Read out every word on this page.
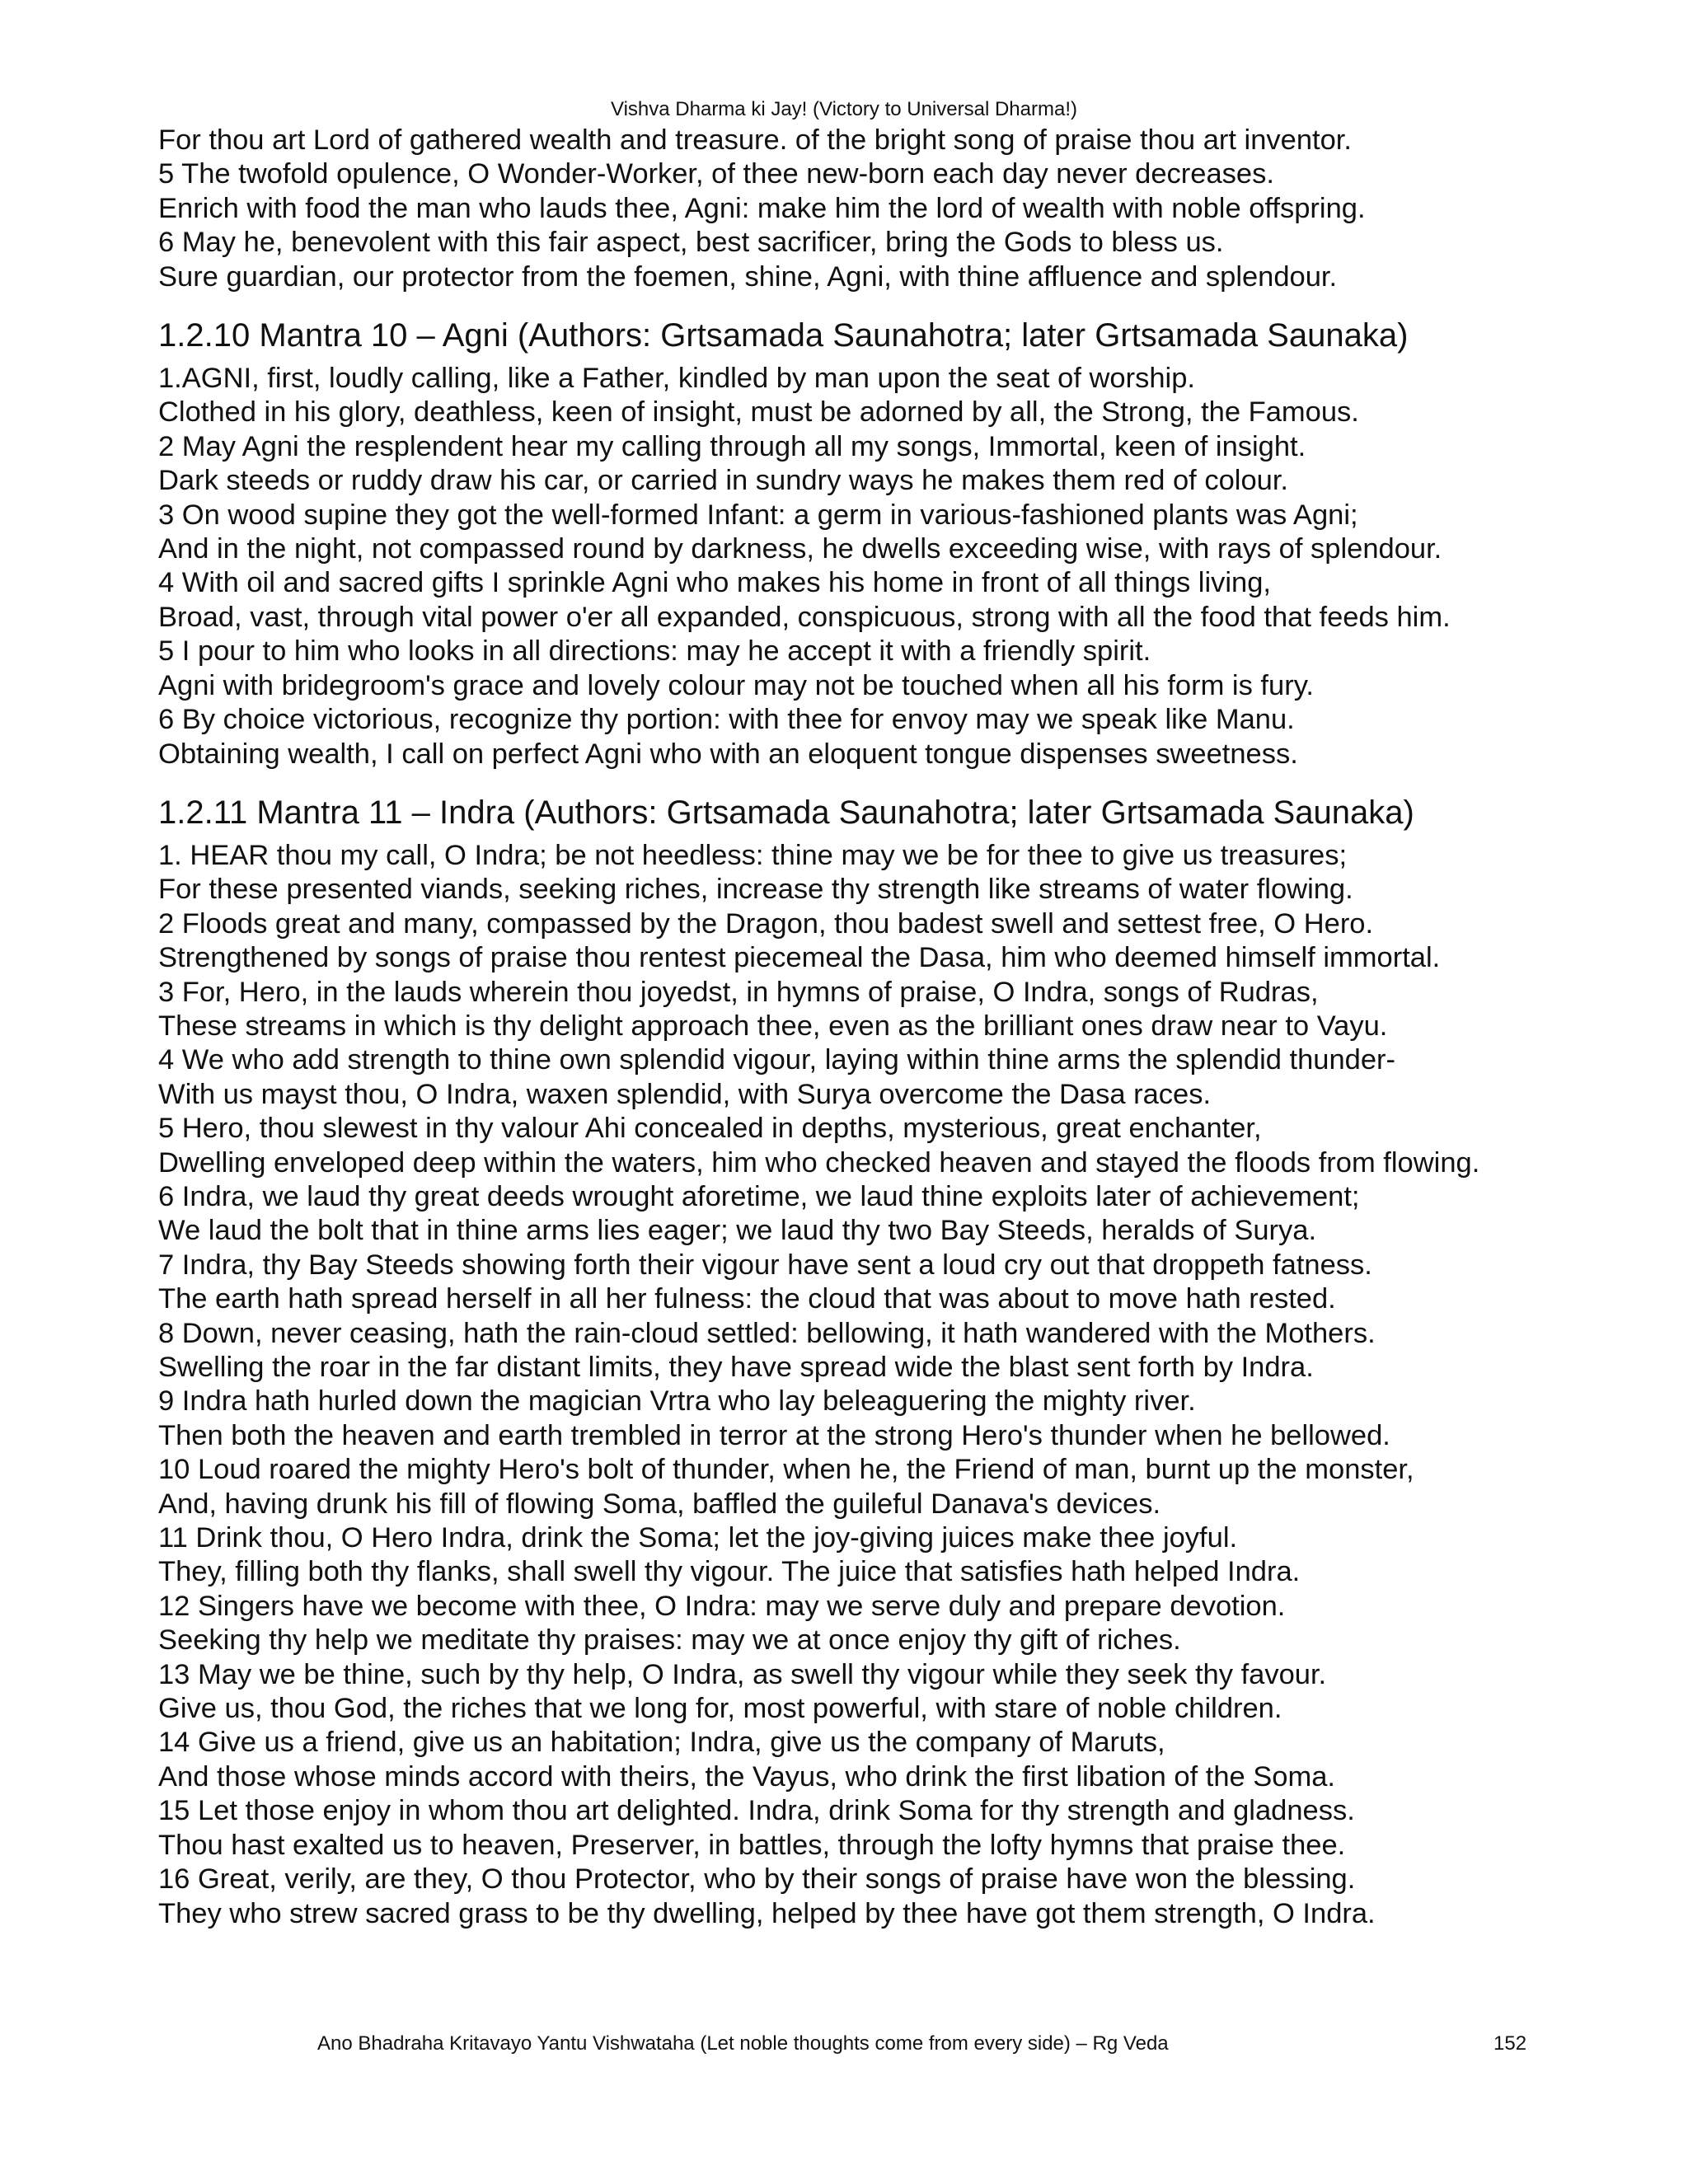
Vishva Dharma ki Jay! (Victory to Universal Dharma!)
For thou art Lord of gathered wealth and treasure. of the bright song of praise thou art inventor.
5 The twofold opulence, O Wonder-Worker, of thee new-born each day never decreases.
Enrich with food the man who lauds thee, Agni: make him the lord of wealth with noble offspring.
6 May he, benevolent with this fair aspect, best sacrificer, bring the Gods to bless us.
Sure guardian, our protector from the foemen, shine, Agni, with thine affluence and splendour.
1.2.10 Mantra 10 – Agni (Authors: Grtsamada Saunahotra; later Grtsamada Saunaka)
1.AGNI, first, loudly calling, like a Father, kindled by man upon the seat of worship.
Clothed in his glory, deathless, keen of insight, must be adorned by all, the Strong, the Famous.
2 May Agni the resplendent hear my calling through all my songs, Immortal, keen of insight.
Dark steeds or ruddy draw his car, or carried in sundry ways he makes them red of colour.
3 On wood supine they got the well-formed Infant: a germ in various-fashioned plants was Agni;
And in the night, not compassed round by darkness, he dwells exceeding wise, with rays of splendour.
4 With oil and sacred gifts I sprinkle Agni who makes his home in front of all things living,
Broad, vast, through vital power o'er all expanded, conspicuous, strong with all the food that feeds him.
5 I pour to him who looks in all directions: may he accept it with a friendly spirit.
Agni with bridegroom's grace and lovely colour may not be touched when all his form is fury.
6 By choice victorious, recognize thy portion: with thee for envoy may we speak like Manu.
Obtaining wealth, I call on perfect Agni who with an eloquent tongue dispenses sweetness.
1.2.11 Mantra 11 – Indra (Authors: Grtsamada Saunahotra; later Grtsamada Saunaka)
1. HEAR thou my call, O Indra; be not heedless: thine may we be for thee to give us treasures;
For these presented viands, seeking riches, increase thy strength like streams of water flowing.
2 Floods great and many, compassed by the Dragon, thou badest swell and settest free, O Hero.
Strengthened by songs of praise thou rentest piecemeal the Dasa, him who deemed himself immortal.
3 For, Hero, in the lauds wherein thou joyedst, in hymns of praise, O Indra, songs of Rudras,
These streams in which is thy delight approach thee, even as the brilliant ones draw near to Vayu.
4 We who add strength to thine own splendid vigour, laying within thine arms the splendid thunder-
With us mayst thou, O Indra, waxen splendid, with Surya overcome the Dasa races.
5 Hero, thou slewest in thy valour Ahi concealed in depths, mysterious, great enchanter,
Dwelling enveloped deep within the waters, him who checked heaven and stayed the floods from flowing.
6 Indra, we laud thy great deeds wrought aforetime, we laud thine exploits later of achievement;
We laud the bolt that in thine arms lies eager; we laud thy two Bay Steeds, heralds of Surya.
7 Indra, thy Bay Steeds showing forth their vigour have sent a loud cry out that droppeth fatness.
The earth hath spread herself in all her fulness: the cloud that was about to move hath rested.
8 Down, never ceasing, hath the rain-cloud settled: bellowing, it hath wandered with the Mothers.
Swelling the roar in the far distant limits, they have spread wide the blast sent forth by Indra.
9 Indra hath hurled down the magician Vrtra who lay beleaguering the mighty river.
Then both the heaven and earth trembled in terror at the strong Hero's thunder when he bellowed.
10 Loud roared the mighty Hero's bolt of thunder, when he, the Friend of man, burnt up the monster,
And, having drunk his fill of flowing Soma, baffled the guileful Danava's devices.
11 Drink thou, O Hero Indra, drink the Soma; let the joy-giving juices make thee joyful.
They, filling both thy flanks, shall swell thy vigour. The juice that satisfies hath helped Indra.
12 Singers have we become with thee, O Indra: may we serve duly and prepare devotion.
Seeking thy help we meditate thy praises: may we at once enjoy thy gift of riches.
13 May we be thine, such by thy help, O Indra, as swell thy vigour while they seek thy favour.
Give us, thou God, the riches that we long for, most powerful, with stare of noble children.
14 Give us a friend, give us an habitation; Indra, give us the company of Maruts,
And those whose minds accord with theirs, the Vayus, who drink the first libation of the Soma.
15 Let those enjoy in whom thou art delighted. Indra, drink Soma for thy strength and gladness.
Thou hast exalted us to heaven, Preserver, in battles, through the lofty hymns that praise thee.
16 Great, verily, are they, O thou Protector, who by their songs of praise have won the blessing.
They who strew sacred grass to be thy dwelling, helped by thee have got them strength, O Indra.
Ano Bhadraha Kritavayo Yantu Vishwataha (Let noble thoughts come from every side) – Rg Veda	152
